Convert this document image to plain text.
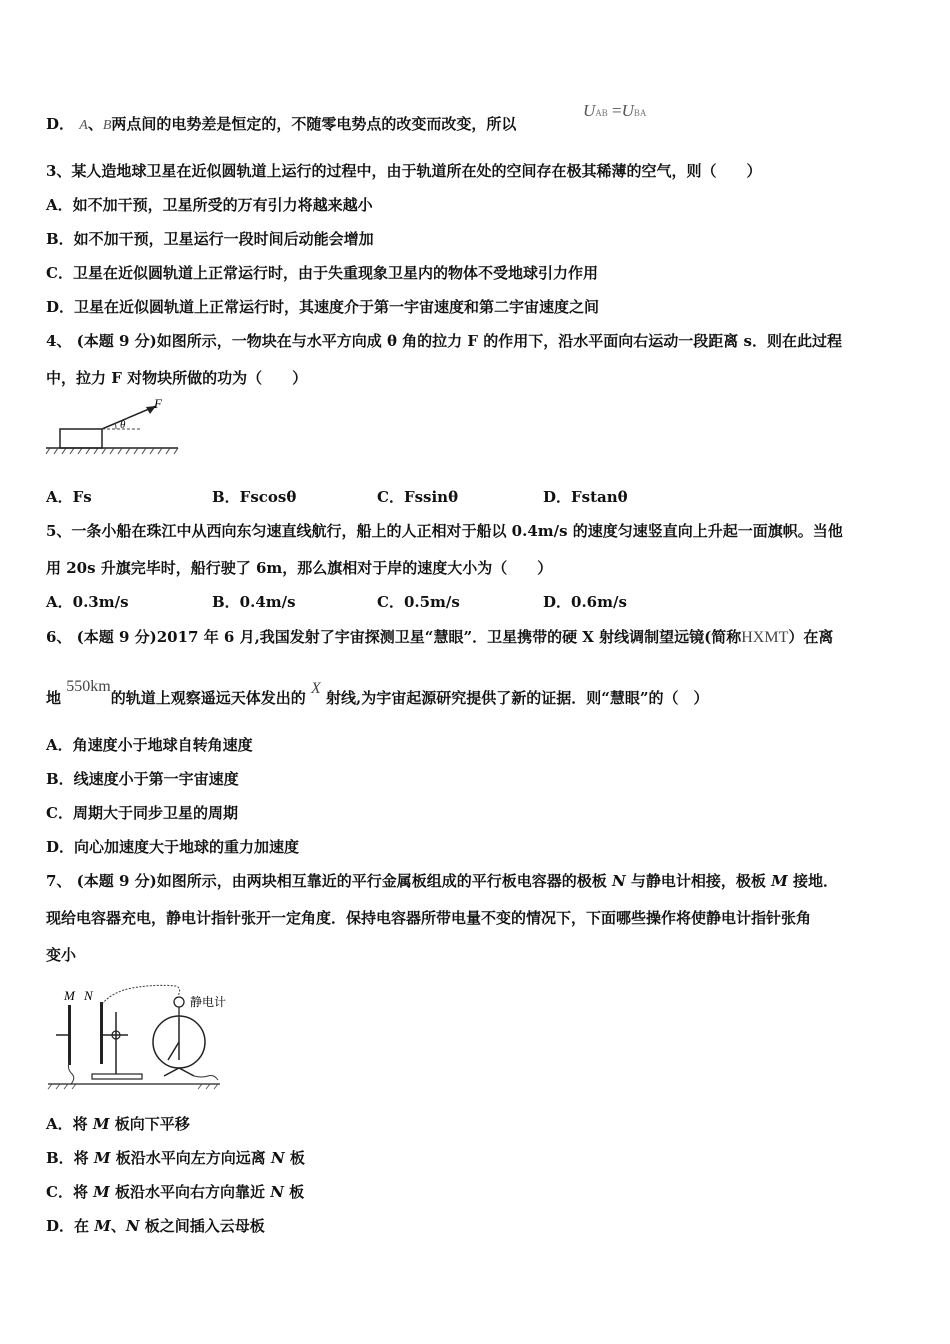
D． A、B两点间的电势差是恒定的，不随零电势点的改变而改变，所以
UAB =UBA
3、某人造地球卫星在近似圆轨道上运行的过程中，由于轨道所在处的空间存在极其稀薄的空气，则（　　）
A．如不加干预，卫星所受的万有引力将越来越小
B．如不加干预，卫星运行一段时间后动能会增加
C．卫星在近似圆轨道上正常运行时，由于失重现象卫星内的物体不受地球引力作用
D．卫星在近似圆轨道上正常运行时，其速度介于第一宇宙速度和第二宇宙速度之间
4、 (本题 9 分)如图所示，一物块在与水平方向成 θ 角的拉力 F 的作用下，沿水平面向右运动一段距离 s．则在此过程
中，拉力 F 对物块所做的功为（　　）
F
θ
A．Fs	B．Fscosθ	C．Fssinθ	D．Fstanθ
5、一条小船在珠江中从西向东匀速直线航行，船上的人正相对于船以 0.4m/s 的速度匀速竖直向上升起一面旗帜。当他
用 20s 升旗完毕时，船行驶了 6m，那么旗相对于岸的速度大小为（　　）
A．0.3m/s	B．0.4m/s	C．0.5m/s	D．0.6m/s
6、 (本题 9 分)2017 年 6 月,我国发射了宇宙探测卫星“慧眼”．卫星携带的硬 X 射线调制望远镜(简称HXMT）在离
地 550km的轨道上观察遥远天体发出的 X 射线,为宇宙起源研究提供了新的证据．则“慧眼”的（　）
A．角速度小于地球自转角速度
B．线速度小于第一宇宙速度
C．周期大于同步卫星的周期
D．向心加速度大于地球的重力加速度
7、 (本题 9 分)如图所示，由两块相互靠近的平行金属板组成的平行板电容器的极板 N 与静电计相接，极板 M 接地．
现给电容器充电，静电计指针张开一定角度．保持电容器所带电量不变的情况下，下面哪些操作将使静电计指针张角
变小
M N	静电计
A．将 M 板向下平移
B．将 M 板沿水平向左方向远离 N 板
C．将 M 板沿水平向右方向靠近 N 板
D．在 M、N 板之间插入云母板
